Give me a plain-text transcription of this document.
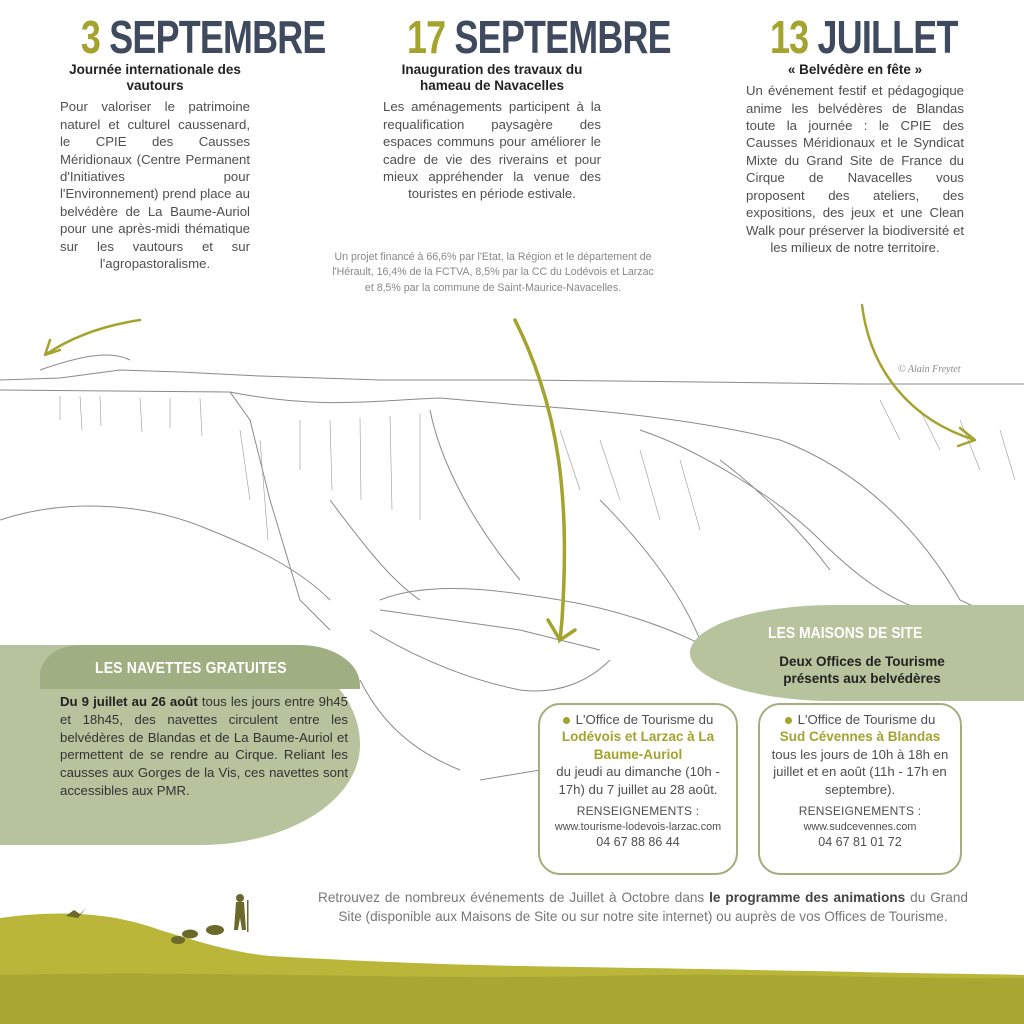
3 SEPTEMBRE
Journée internationale des vautours
Pour valoriser le patrimoine naturel et culturel caussenard, le CPIE des Causses Méridionaux (Centre Permanent d'Initiatives pour l'Environnement) prend place au belvédère de La Baume-Auriol pour une après-midi thématique sur les vautours et sur l'agropastoralisme.
17 SEPTEMBRE
Inauguration des travaux du hameau de Navacelles
Les aménagements participent à la requalification paysagère des espaces communs pour améliorer le cadre de vie des riverains et pour mieux appréhender la venue des touristes en période estivale.
Un projet financé à 66,6% par l'Etat, la Région et le département de l'Hérault, 16,4% de la FCTVA, 8,5% par la CC du Lodévois et Larzac et 8,5% par la commune de Saint-Maurice-Navacelles.
13 JUILLET
« Belvédère en fête »
Un événement festif et pédagogique anime les belvédères de Blandas toute la journée : le CPIE des Causses Méridionaux et le Syndicat Mixte du Grand Site de France du Cirque de Navacelles vous proposent des ateliers, des expositions, des jeux et une Clean Walk pour préserver la biodiversité et les milieux de notre territoire.
© Alain Freytet
LES NAVETTES GRATUITES
Du 9 juillet au 26 août tous les jours entre 9h45 et 18h45, des navettes circulent entre les belvédères de Blandas et de La Baume-Auriol et permettent de se rendre au Cirque. Reliant les causses aux Gorges de la Vis, ces navettes sont accessibles aux PMR.
LES MAISONS DE SITE
Deux Offices de Tourisme présents aux belvédères
L'Office de Tourisme du
Lodévois et Larzac à La Baume-Auriol
du jeudi au dimanche (10h - 17h) du 7 juillet au 28 août.
RENSEIGNEMENTS :
www.tourisme-lodevois-larzac.com
04 67 88 86 44
L'Office de Tourisme du
Sud Cévennes à Blandas
tous les jours de 10h à 18h en juillet et en août (11h - 17h en septembre).
RENSEIGNEMENTS :
www.sudcevennes.com
04 67 81 01 72
Retrouvez de nombreux événements de Juillet à Octobre dans le programme des animations du Grand Site (disponible aux Maisons de Site ou sur notre site internet) ou auprès de vos Offices de Tourisme.
